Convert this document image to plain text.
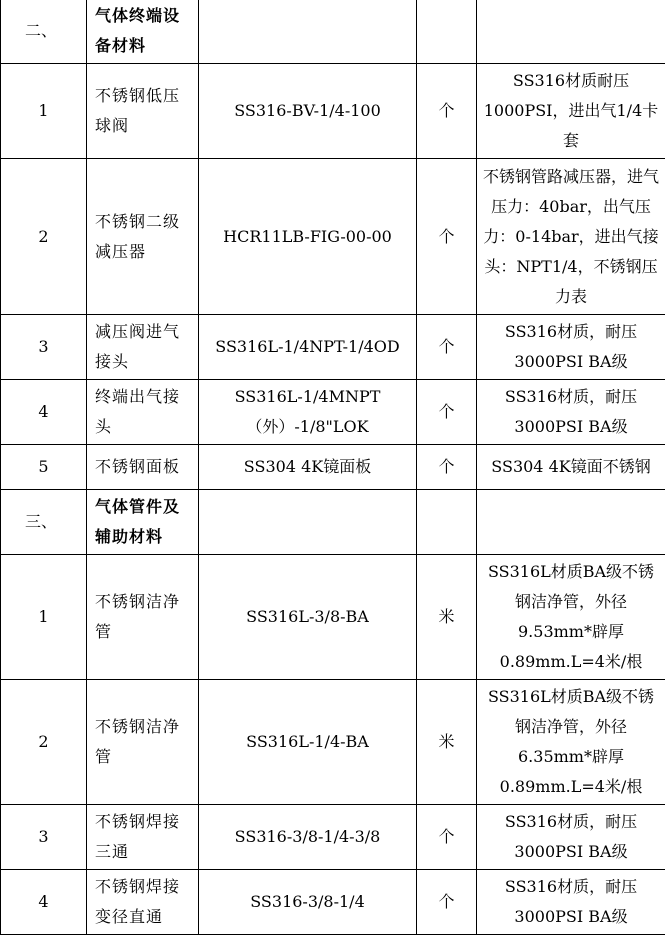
二、	气体终端设备材料			

1	不锈钢低压球阀	SS316-BV-1/4-100	个	SS316材质耐压1000PSI，进出气1/4卡套
2	不锈钢二级减压器	HCR11LB-FIG-00-00	个	不锈钢管路减压器，进气压力：40bar，出气压力：0-14bar，进出气接头：NPT1/4，不锈钢压力表
3	减压阀进气接头	SS316L-1/4NPT-1/4OD	个	SS316材质，耐压3000PSI BA级
4	终端出气接头	SS316L-1/4MNPT（外）-1/8"LOK	个	SS316材质，耐压3000PSI BA级
5	不锈钢面板	SS304 4K镜面板	个	SS304 4K镜面不锈钢
三、	气体管件及辅助材料			

1	不锈钢洁净管	SS316L-3/8-BA	米	SS316L材质BA级不锈钢洁净管，外径9.53mm*辟厚0.89mm.L=4米/根
2	不锈钢洁净管	SS316L-1/4-BA	米	SS316L材质BA级不锈钢洁净管，外径6.35mm*辟厚0.89mm.L=4米/根
3	不锈钢焊接三通	SS316-3/8-1/4-3/8	个	SS316材质，耐压3000PSI BA级
4	不锈钢焊接变径直通	SS316-3/8-1/4	个	SS316材质，耐压3000PSI BA级
